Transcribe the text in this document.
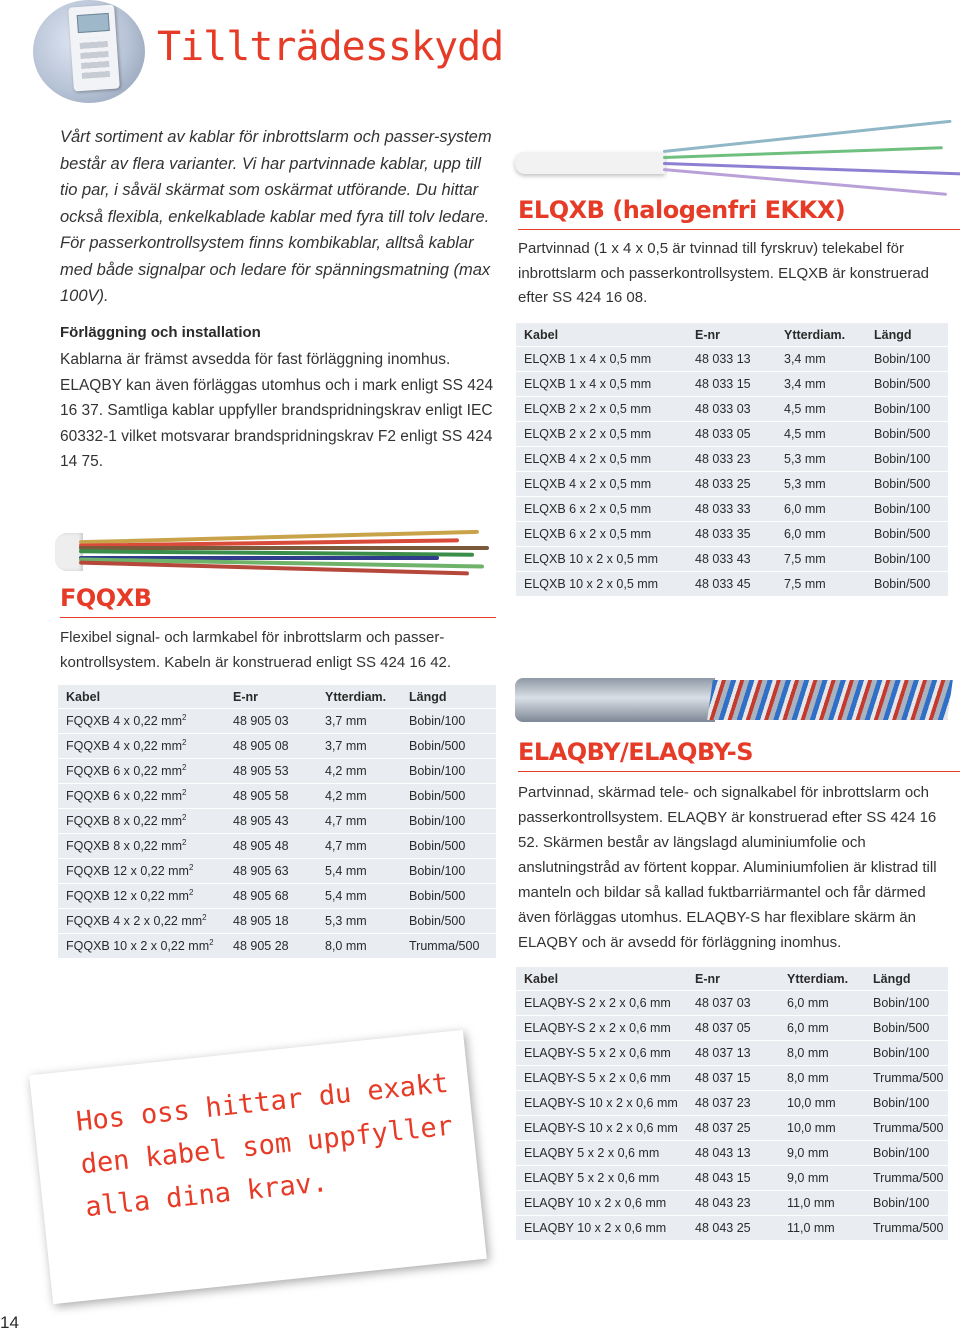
Tillträdesskydd
Vårt sortiment av kablar för inbrottslarm och passer-system består av flera varianter. Vi har partvinnade kablar, upp till tio par, i såväl skärmat som oskärmat utförande. Du hittar också flexibla, enkelkablade kablar med fyra till tolv ledare. För passerkontrollsystem finns kombikablar, alltså kablar med både signalpar och ledare för spänningsmatning (max 100V).
Förläggning och installation
Kablarna är främst avsedda för fast förläggning inomhus. ELAQBY kan även förläggas utomhus och i mark enligt SS 424 16 37. Samtliga kablar uppfyller brandspridningskrav enligt IEC 60332-1 vilket motsvarar brandspridningskrav F2 enligt SS 424 14 75.
FQQXB
Flexibel signal- och larmkabel för inbrottslarm och passer-kontrollsystem. Kabeln är konstruerad enligt SS 424 16 42.
Kabel	E-nr	Ytterdiam.	Längd
FQQXB 4 x 0,22 $mm^2$	48 905 03	3,7 mm	Bobin/100
FQQXB 4 x 0,22 $mm^2$	48 905 08	3,7 mm	Bobin/500
FQQXB 6 x 0,22 $mm^2$	48 905 53	4,2 mm	Bobin/100
FQQXB 6 x 0,22 $mm^2$	48 905 58	4,2 mm	Bobin/500
FQQXB 8 x 0,22 $mm^2$	48 905 43	4,7 mm	Bobin/100
FQQXB 8 x 0,22 $mm^2$	48 905 48	4,7 mm	Bobin/500
FQQXB 12 x 0,22 $mm^2$	48 905 63	5,4 mm	Bobin/100
FQQXB 12 x 0,22 $mm^2$	48 905 68	5,4 mm	Bobin/500
FQQXB 4 x 2 x 0,22 $mm^2$	48 905 18	5,3 mm	Bobin/500
FQQXB 10 x 2 x 0,22 $mm^2$	48 905 28	8,0 mm	Trumma/500
Hos oss hittar du exakt den kabel som uppfyller alla dina krav.
ELQXB (halogenfri EKKX)
Partvinnad (1 x 4 x 0,5 är tvinnad till fyrskruv) telekabel för inbrottslarm och passerkontrollsystem. ELQXB är konstruerad efter SS 424 16 08.
Kabel	E-nr	Ytterdiam.	Längd
ELQXB 1 x 4 x 0,5 mm	48 033 13	3,4 mm	Bobin/100
ELQXB 1 x 4 x 0,5 mm	48 033 15	3,4 mm	Bobin/500
ELQXB 2 x 2 x 0,5 mm	48 033 03	4,5 mm	Bobin/100
ELQXB 2 x 2 x 0,5 mm	48 033 05	4,5 mm	Bobin/500
ELQXB 4 x 2 x 0,5 mm	48 033 23	5,3 mm	Bobin/100
ELQXB 4 x 2 x 0,5 mm	48 033 25	5,3 mm	Bobin/500
ELQXB 6 x 2 x 0,5 mm	48 033 33	6,0 mm	Bobin/100
ELQXB 6 x 2 x 0,5 mm	48 033 35	6,0 mm	Bobin/500
ELQXB 10 x 2 x 0,5 mm	48 033 43	7,5 mm	Bobin/100
ELQXB 10 x 2 x 0,5 mm	48 033 45	7,5 mm	Bobin/500
ELAQBY/ELAQBY-S
Partvinnad, skärmad tele- och signalkabel för inbrottslarm och passerkontrollsystem. ELAQBY är konstruerad efter SS 424 16 52. Skärmen består av längslagd aluminiumfolie och anslutningstråd av förtent koppar. Aluminiumfolien är klistrad till manteln och bildar så kallad fuktbarriärmantel och får därmed även förläggas utomhus. ELAQBY-S har flexiblare skärm än ELAQBY och är avsedd för förläggning inomhus.
Kabel	E-nr	Ytterdiam.	Längd
ELAQBY-S 2 x 2 x 0,6 mm	48 037 03	6,0 mm	Bobin/100
ELAQBY-S 2 x 2 x 0,6 mm	48 037 05	6,0 mm	Bobin/500
ELAQBY-S 5 x 2 x 0,6 mm	48 037 13	8,0 mm	Bobin/100
ELAQBY-S 5 x 2 x 0,6 mm	48 037 15	8,0 mm	Trumma/500
ELAQBY-S 10 x 2 x 0,6 mm	48 037 23	10,0 mm	Bobin/100
ELAQBY-S 10 x 2 x 0,6 mm	48 037 25	10,0 mm	Trumma/500
ELAQBY 5 x 2 x 0,6 mm	48 043 13	9,0 mm	Bobin/100
ELAQBY 5 x 2 x 0,6 mm	48 043 15	9,0 mm	Trumma/500
ELAQBY 10 x 2 x 0,6 mm	48 043 23	11,0 mm	Bobin/100
ELAQBY 10 x 2 x 0,6 mm	48 043 25	11,0 mm	Trumma/500
14
